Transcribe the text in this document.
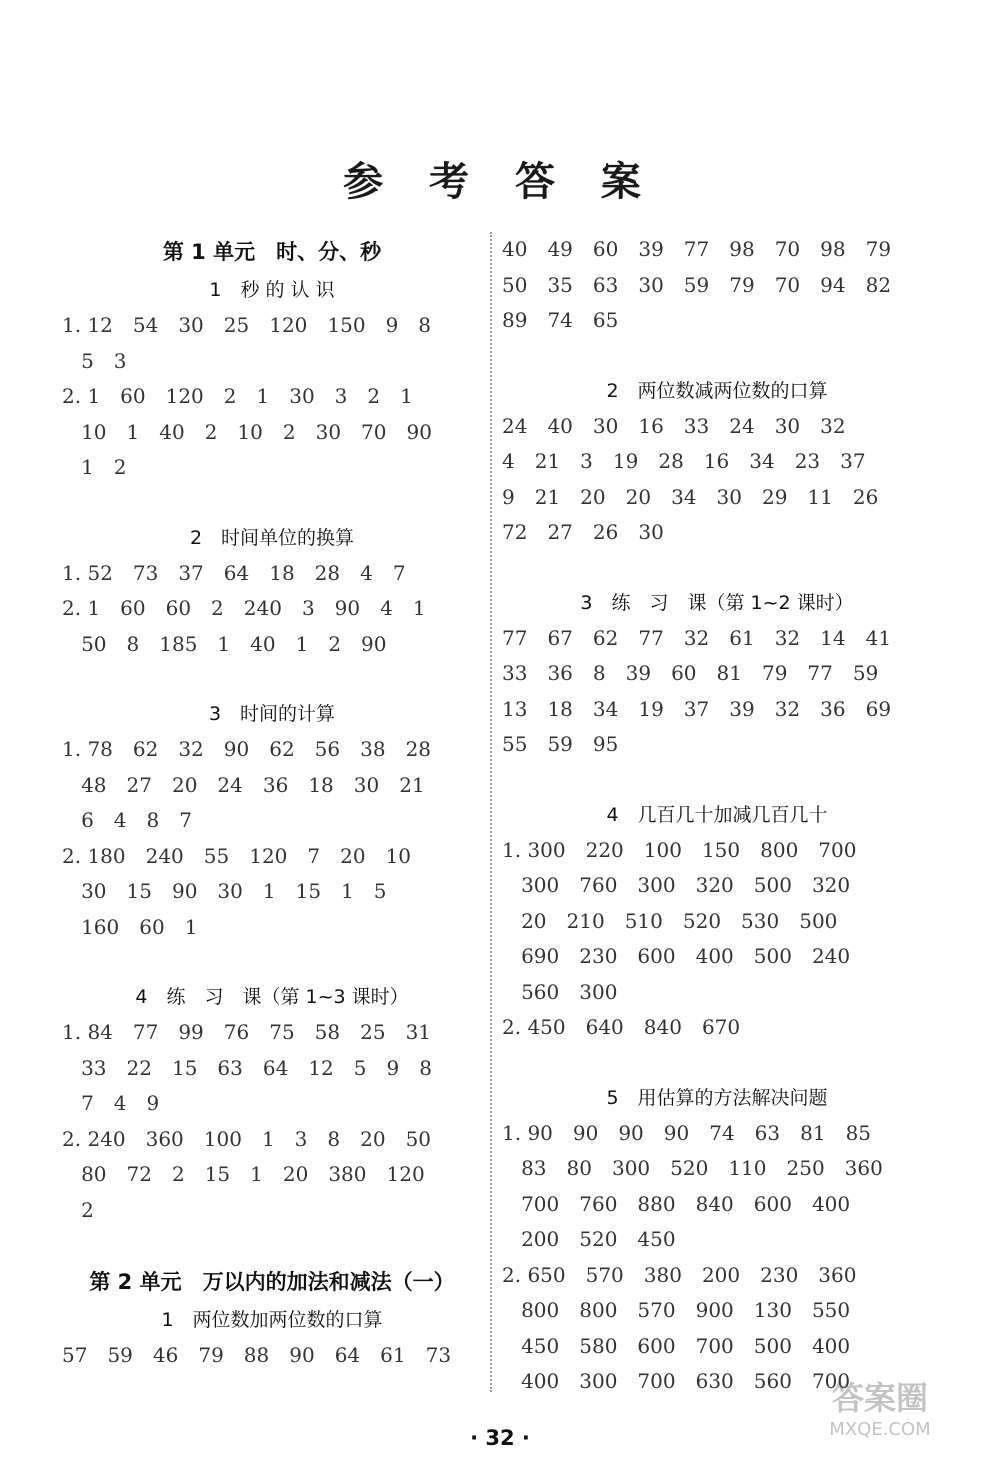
参 考 答 案
第 1 单元　时、分、秒
1　秒 的 认 识
1. 12　54　30　25　120　150　9　8
5　3
2. 1　60　120　2　1　30　3　2　1
10　1　40　2　10　2　30　70　90
1　2
2　时间单位的换算
1. 52　73　37　64　18　28　4　7
2. 1　60　60　2　240　3　90　4　1
50　8　185　1　40　1　2　90
3　时间的计算
1. 78　62　32　90　62　56　38　28
48　27　20　24　36　18　30　21
6　4　8　7
2. 180　240　55　120　7　20　10
30　15　90　30　1　15　1　5
160　60　1
4　练　习　课（第 1~3 课时）
1. 84　77　99　76　75　58　25　31
33　22　15　63　64　12　5　9　8
7　4　9
2. 240　360　100　1　3　8　20　50
80　72　2　15　1　20　380　120
2
第 2 单元　万以内的加法和减法（一）
1　两位数加两位数的口算
57　59　46　79　88　90　64　61　73
40　49　60　39　77　98　70　98　79
50　35　63　30　59　79　70　94　82
89　74　65
2　两位数减两位数的口算
24　40　30　16　33　24　30　32
4　21　3　19　28　16　34　23　37
9　21　20　20　34　30　29　11　26
72　27　26　30
3　练　习　课（第 1~2 课时）
77　67　62　77　32　61　32　14　41
33　36　8　39　60　81　79　77　59
13　18　34　19　37　39　32　36　69
55　59　95
4　几百几十加减几百几十
1. 300　220　100　150　800　700
300　760　300　320　500　320
20　210　510　520　530　500
690　230　600　400　500　240
560　300
2. 450　640　840　670
5　用估算的方法解决问题
1. 90　90　90　90　74　63　81　85
83　80　300　520　110　250　360
700　760　880　840　600　400
200　520　450
2. 650　570　380　200　230　360
800　800　570　900　130　550
450　580　600　700　500　400
400　300　700　630　560　700
· 32 ·
答案圈
MXQE.COM
